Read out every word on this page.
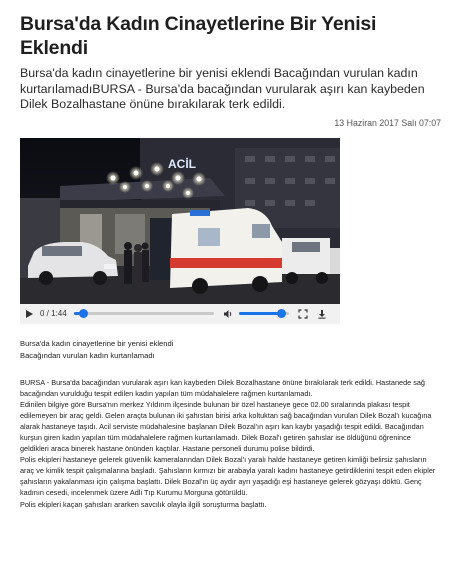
Bursa'da Kadın Cinayetlerine Bir Yenisi Eklendi
Bursa'da kadın cinayetlerine bir yenisi eklendi Bacağından vurulan kadın kurtarılamadıBURSA - Bursa'da bacağından vurularak aşırı kan kaybeden Dilek Bozalhastane önüne bırakılarak terk edildi.
13 Haziran 2017 Salı 07:07
ACİL
0 / 1:44
Bursa'da kadın cinayetlerine bir yenisi eklendi
Bacağından vurulan kadın kurtarılamadı

BURSA - Bursa'da bacağından vurularak aşırı kan kaybeden Dilek Bozalhastane önüne bırakılarak terk edildi. Hastanede sağ bacağından vurulduğu tespit edilen kadın yapılan tüm müdahalelere rağmen kurtarılamadı.

Edinilen bilgiye göre Bursa'nın merkez Yıldırım ilçesinde bulunan bir özel hastaneye gece 02.00 sıralarında plakası tespit edilemeyen bir araç geldi. Gelen araçta bulunan iki şahıstan birisi arka koltuktan sağ bacağından vurulan Dilek Bozal'ı kucağına alarak hastaneye taşıdı. Acil serviste müdahalesine başlanan Dilek Bozal'ın aşırı kan kaybı yaşadığı tespit edildi. Bacağından kurşun giren kadın yapılan tüm müdahalelere rağmen kurtarılamadı. Dilek Bozal'ı getiren şahıslar ise öldüğünü öğrenince geldikleri araca binerek hastane önünden kaçtılar. Hastane personeli durumu polise bildirdi.

Polis ekipleri hastaneye gelerek güvenlik kameralarından Dilek Bozal'ı yaralı halde hastaneye getiren kimliği belirsiz şahısların araç ve kimlik tespit çalışmalarına başladı. Şahısların kırmızı bir arabayla yaralı kadını hastaneye getirdiklerini tespit eden ekipler şahısların yakalanması için çalışma başlattı. Dilek Bozal'ın üç aydır ayrı yaşadığı eşi hastaneye gelerek gözyaşı döktü. Genç kadının cesedi, incelenmek üzere Adli Tıp Kurumu Morguna götürüldü.

Polis ekipleri kaçan şahısları ararken savcılık olayla ilgili soruşturma başlattı.
